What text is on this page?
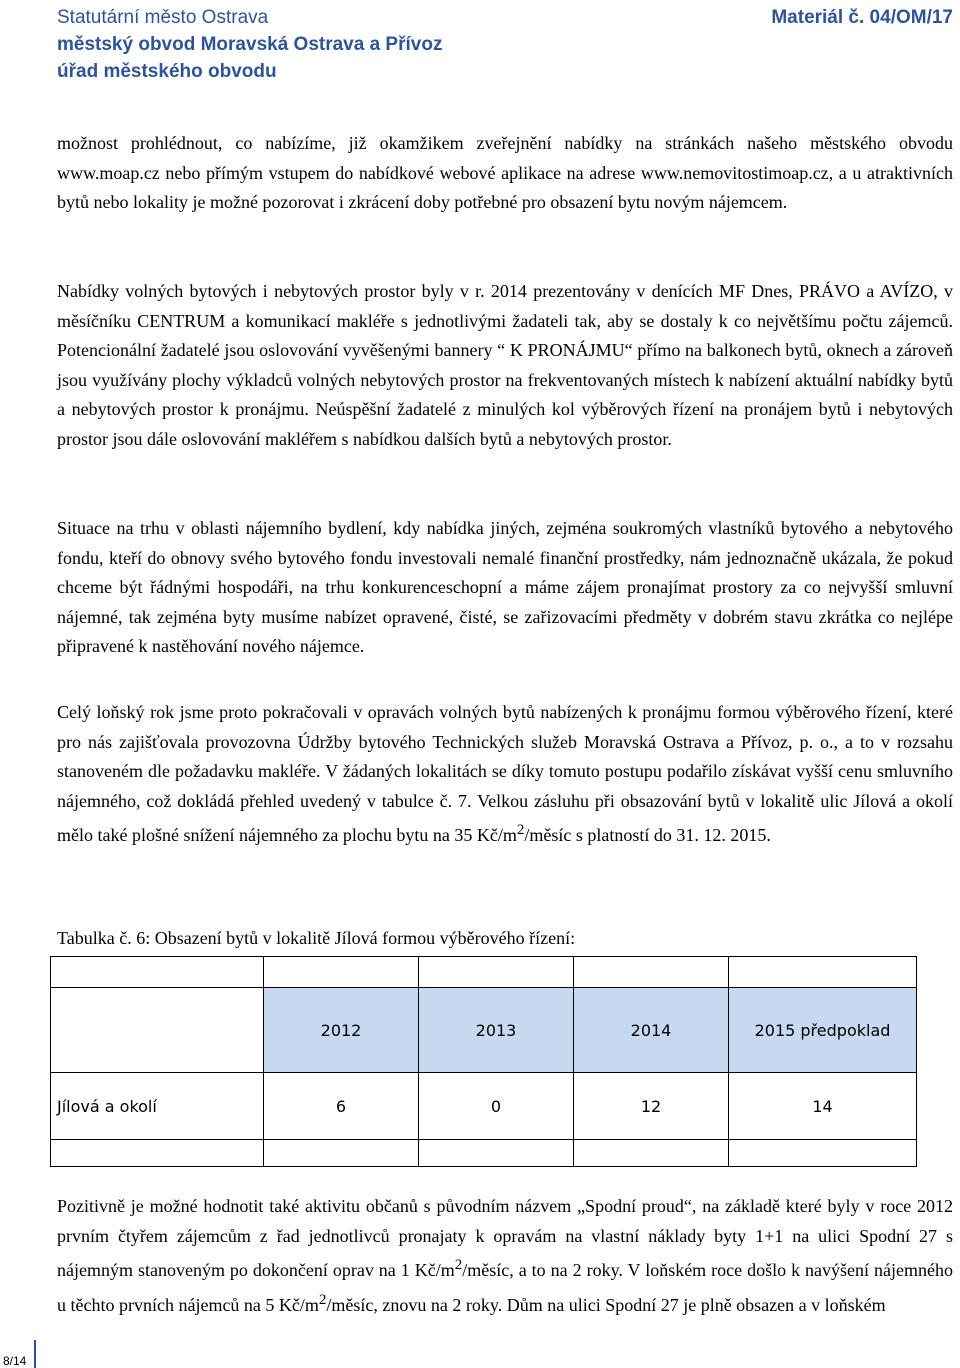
Statutární město Ostrava
městský obvod Moravská Ostrava a Přívoz
úřad městského obvodu
Materiál č. 04/OM/17

možnost prohlédnout, co nabízíme, již okamžikem zveřejnění nabídky na stránkách našeho městského obvodu www.moap.cz nebo přímým vstupem do nabídkové webové aplikace na adrese www.nemovitostimoap.cz, a u atraktivních bytů nebo lokality je možné pozorovat i zkrácení doby potřebné pro obsazení bytu novým nájemcem.

Nabídky volných bytových i nebytových prostor byly v r. 2014 prezentovány v denících MF Dnes, PRÁVO a AVÍZO, v měsíčníku CENTRUM a komunikací makléře s jednotlivými žadateli tak, aby se dostaly k co největšímu počtu zájemců. Potencionální žadatelé jsou oslovování vyvěšenými bannery “ K PRONÁJMU“ přímo na balkonech bytů, oknech a zároveň jsou využívány plochy výkladců volných nebytových prostor na frekventovaných místech k nabízení aktuální nabídky bytů a nebytových prostor k pronájmu. Neúspěšní žadatelé z minulých kol výběrových řízení na pronájem bytů i nebytových prostor jsou dále oslovování makléřem s nabídkou dalších bytů a nebytových prostor.

Situace na trhu v oblasti nájemního bydlení, kdy nabídka jiných, zejména soukromých vlastníků bytového a nebytového fondu, kteří do obnovy svého bytového fondu investovali nemalé finanční prostředky, nám jednoznačně ukázala, že pokud chceme být řádnými hospodáři, na trhu konkurenceschopní a máme zájem pronajímat prostory za co nejvyšší smluvní nájemné, tak zejména byty musíme nabízet opravené, čisté, se zařizovacími předměty v dobrém stavu zkrátka co nejlépe připravené k nastěhování nového nájemce.

Celý loňský rok jsme proto pokračovali v opravách volných bytů nabízených k pronájmu formou výběrového řízení, které pro nás zajišťovala provozovna Údržby bytového Technických služeb Moravská Ostrava a Přívoz, p. o., a to v rozsahu stanoveném dle požadavku makléře. V žádaných lokalitách se díky tomuto postupu podařilo získávat vyšší cenu smluvního nájemného, což dokládá přehled uvedený v tabulce č. 7. Velkou zásluhu při obsazování bytů v lokalitě ulic Jílová a okolí mělo také plošné snížení nájemného za plochu bytu na 35 $Kč/m^2$/měsíc s platností do 31. 12. 2015.

Tabulka č. 6: Obsazení bytů v lokalitě Jílová formou výběrového řízení:

	2012	2013	2014	2015 předpoklad
Jílová a okolí	6	0	12	14

Pozitivně je možné hodnotit také aktivitu občanů s původním názvem „Spodní proud“, na základě které byly v roce 2012 prvním čtyřem zájemcům z řad jednotlivců pronajaty k opravám na vlastní náklady byty 1+1 na ulici Spodní 27 s nájemným stanoveným po dokončení oprav na 1 $Kč/m^2$/měsíc, a to na 2 roky. V loňském roce došlo k navýšení nájemného u těchto prvních nájemců na 5 $Kč/m^2$/měsíc, znovu na 2 roky. Dům na ulici Spodní 27 je plně obsazen a v loňském

8/14
